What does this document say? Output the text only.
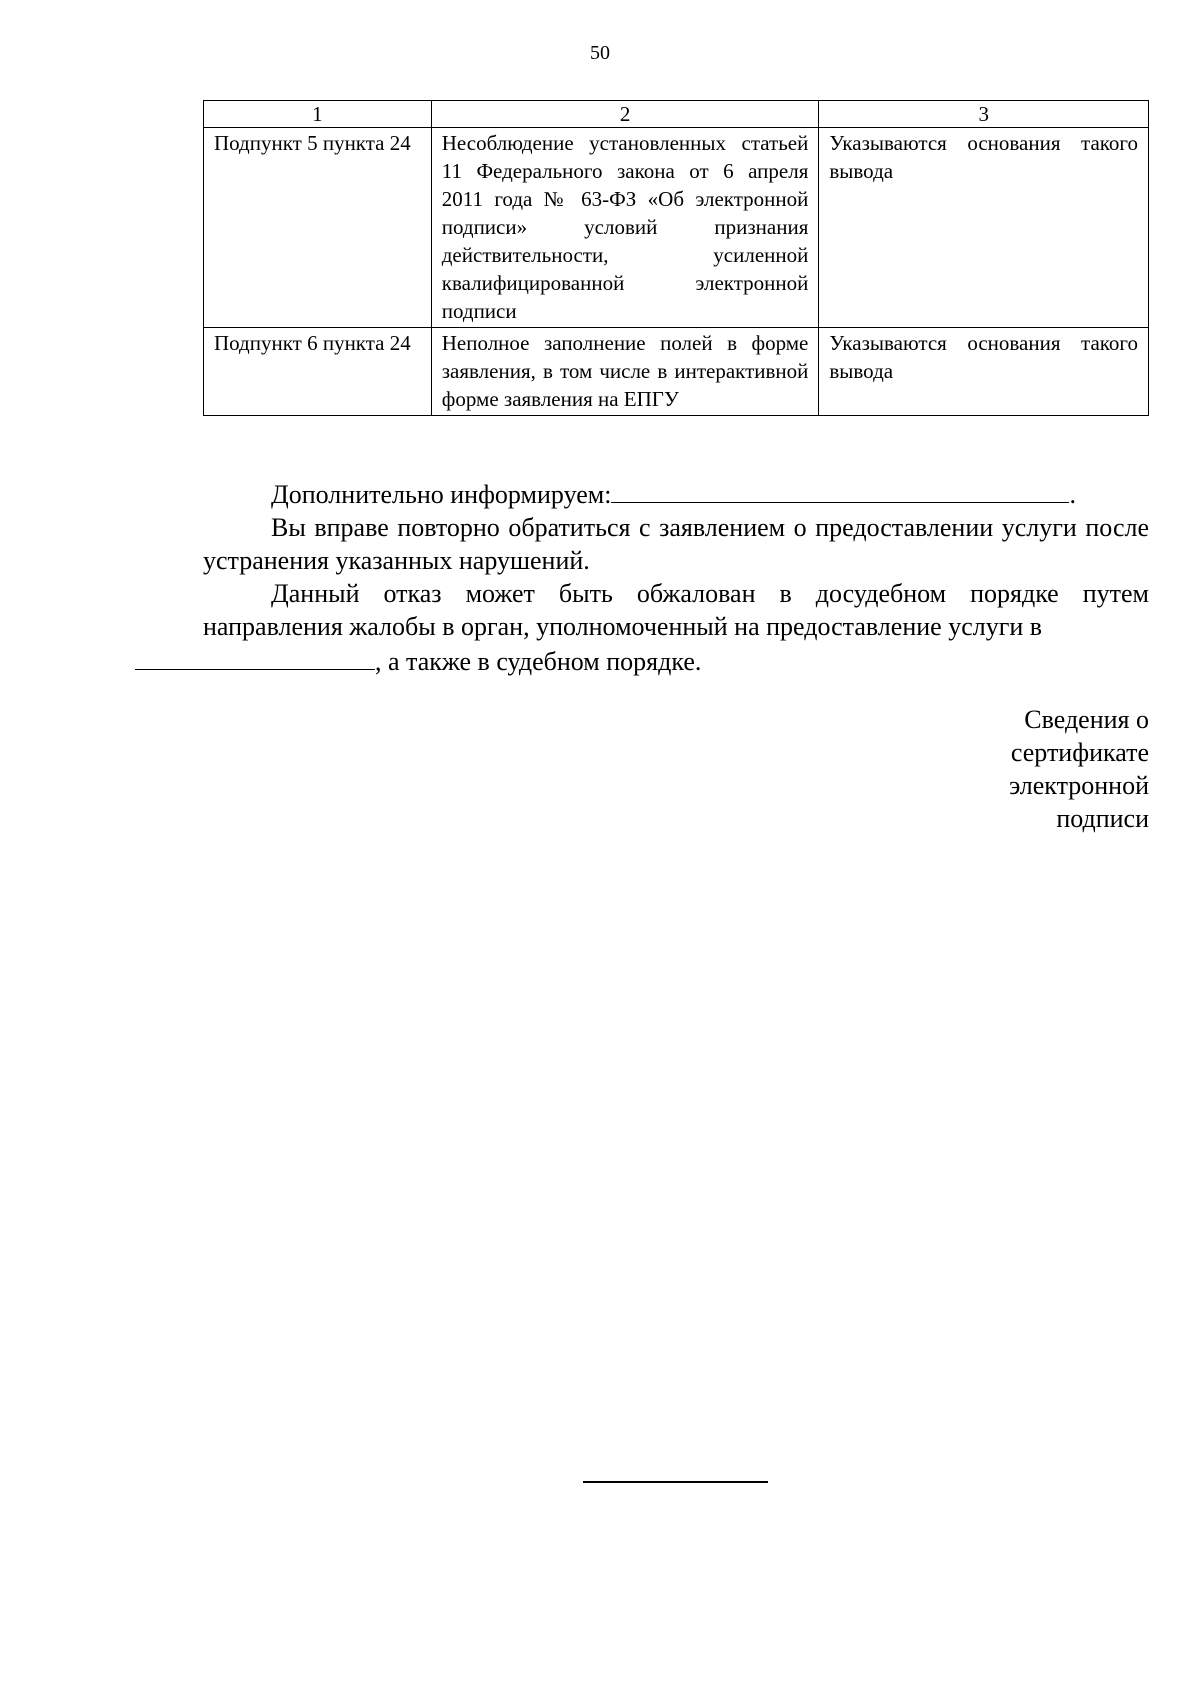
50
1	2	3

Подпункт 5 пункта 24	Несоблюдение установленных статьей 11 Федерального закона от 6 апреля 2011 года № 63-ФЗ «Об электронной подписи» условий признания действительности, усиленной квалифицированной электронной подписи	Указываются основания такого вывода

Подпункт 6 пункта 24	Неполное заполнение полей в форме заявления, в том числе в интерактивной форме заявления на ЕПГУ	Указываются основания такого вывода

Дополнительно информируем:	.

Вы вправе повторно обратиться с заявлением о предоставлении услуги после устранения указанных нарушений.

Данный отказ может быть обжалован в досудебном порядке путем направления жалобы в орган, уполномоченный на предоставление услуги в
, а также в судебном порядке.

Сведения о
сертификате
электронной
подписи
